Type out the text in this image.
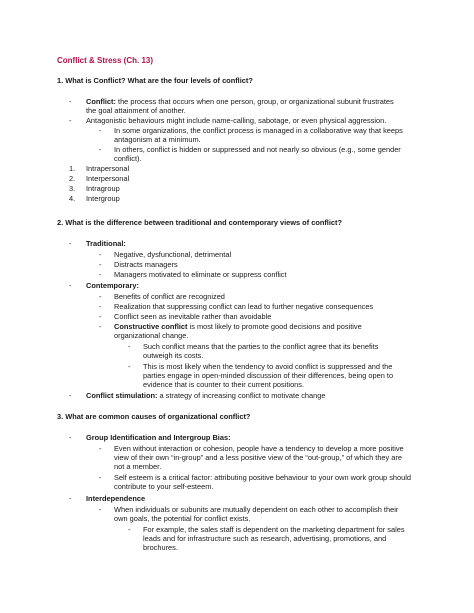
Conflict & Stress (Ch. 13)
1. What is Conflict? What are the four levels of conflict?
- Conflict: the process that occurs when one person, group, or organizational subunit frustrates
the goal attainment of another.
- Antagonistic behaviours might include name-calling, sabotage, or even physical aggression.
- In some organizations, the conflict process is managed in a collaborative way that keeps
antagonism at a minimum.
- In others, conflict is hidden or suppressed and not nearly so obvious (e.g., some gender
conflict).
1. Intrapersonal
2. Interpersonal
3. Intragroup
4. Intergroup
2. What is the difference between traditional and contemporary views of conflict?
- Traditional:
- Negative, dysfunctional, detrimental
- Distracts managers
- Managers motivated to eliminate or suppress conflict
- Contemporary:
- Benefits of conflict are recognized
- Realization that suppressing conflict can lead to further negative consequences
- Conflict seen as inevitable rather than avoidable
- Constructive conflict is most likely to promote good decisions and positive
organizational change.
- Such conflict means that the parties to the conflict agree that its benefits
outweigh its costs.
- This is most likely when the tendency to avoid conflict is suppressed and the
parties engage in open-minded discussion of their differences, being open to
evidence that is counter to their current positions.
- Conflict stimulation: a strategy of increasing conflict to motivate change
3. What are common causes of organizational conflict?
- Group Identification and Intergroup Bias:
- Even without interaction or cohesion, people have a tendency to develop a more positive
view of their own “in-group” and a less positive view of the “out-group,” of which they are
not a member.
- Self esteem is a critical factor: attributing positive behaviour to your own work group should
contribute to your self-esteem.
- Interdependence
- When individuals or subunits are mutually dependent on each other to accomplish their
own goals, the potential for conflict exists.
- For example, the sales staff is dependent on the marketing department for sales
leads and for infrastructure such as research, advertising, promotions, and
brochures.
